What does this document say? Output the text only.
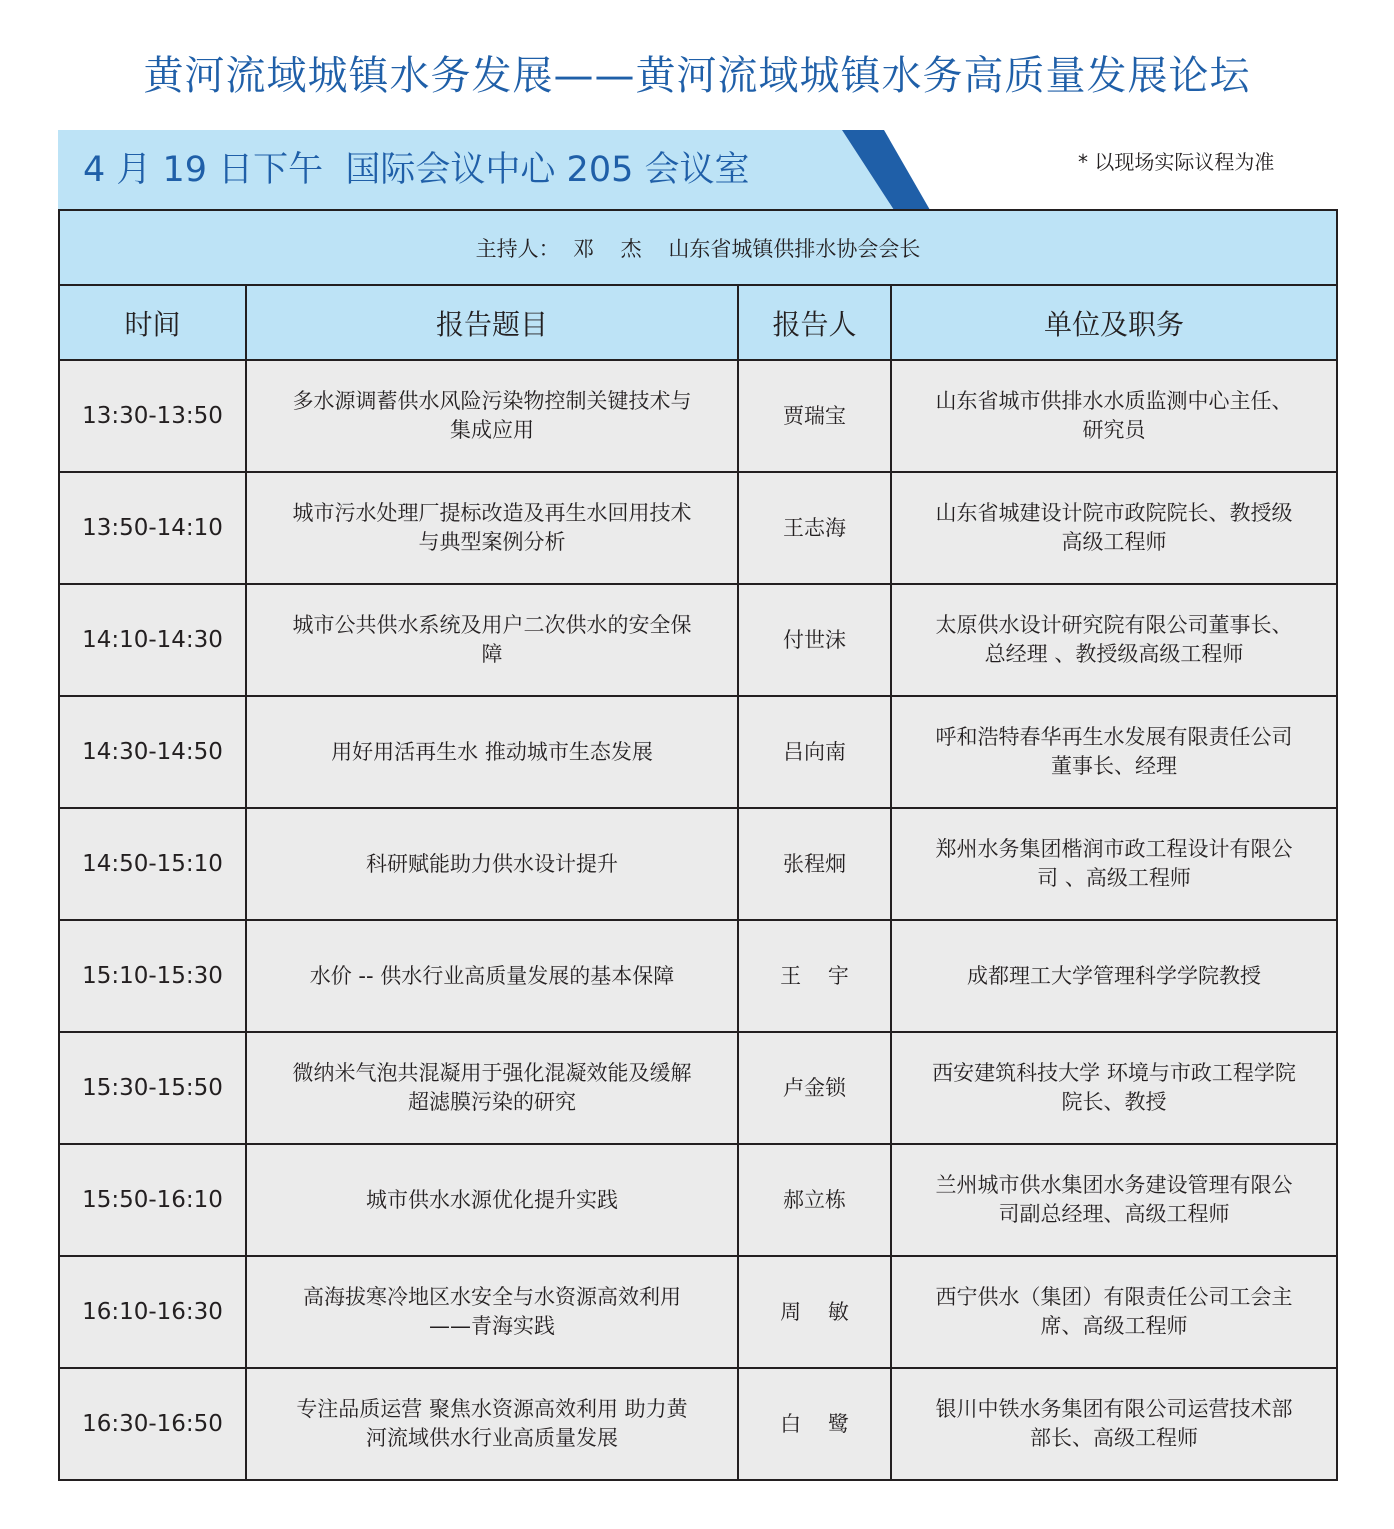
黄河流域城镇水务发展——黄河流域城镇水务高质量发展论坛
4 月 19 日下午  国际会议中心 205 会议室	* 以现场实际议程为准
主持人：  邓    杰    山东省城镇供排水协会会长			
时间	报告题目	报告人	单位及职务
13:30-13:50	多水源调蓄供水风险污染物控制关键技术与集成应用	贾瑞宝	山东省城市供排水水质监测中心主任、研究员
13:50-14:10	城市污水处理厂提标改造及再生水回用技术与典型案例分析	王志海	山东省城建设计院市政院院长、教授级高级工程师
14:10-14:30	城市公共供水系统及用户二次供水的安全保障	付世沫	太原供水设计研究院有限公司董事长、总经理 、教授级高级工程师
14:30-14:50	用好用活再生水 推动城市生态发展	吕向南	呼和浩特春华再生水发展有限责任公司董事长、经理
14:50-15:10	科研赋能助力供水设计提升	张程炯	郑州水务集团楷润市政工程设计有限公司 、高级工程师
15:10-15:30	水价 -- 供水行业高质量发展的基本保障	王    宇	成都理工大学管理科学学院教授
15:30-15:50	微纳米气泡共混凝用于强化混凝效能及缓解超滤膜污染的研究	卢金锁	西安建筑科技大学 环境与市政工程学院院长、教授
15:50-16:10	城市供水水源优化提升实践	郝立栋	兰州城市供水集团水务建设管理有限公司副总经理、高级工程师
16:10-16:30	高海拔寒冷地区水安全与水资源高效利用——青海实践	周    敏	西宁供水（集团）有限责任公司工会主席、高级工程师
16:30-16:50	专注品质运营 聚焦水资源高效利用 助力黄河流域供水行业高质量发展	白    鹭	银川中铁水务集团有限公司运营技术部部长、高级工程师
